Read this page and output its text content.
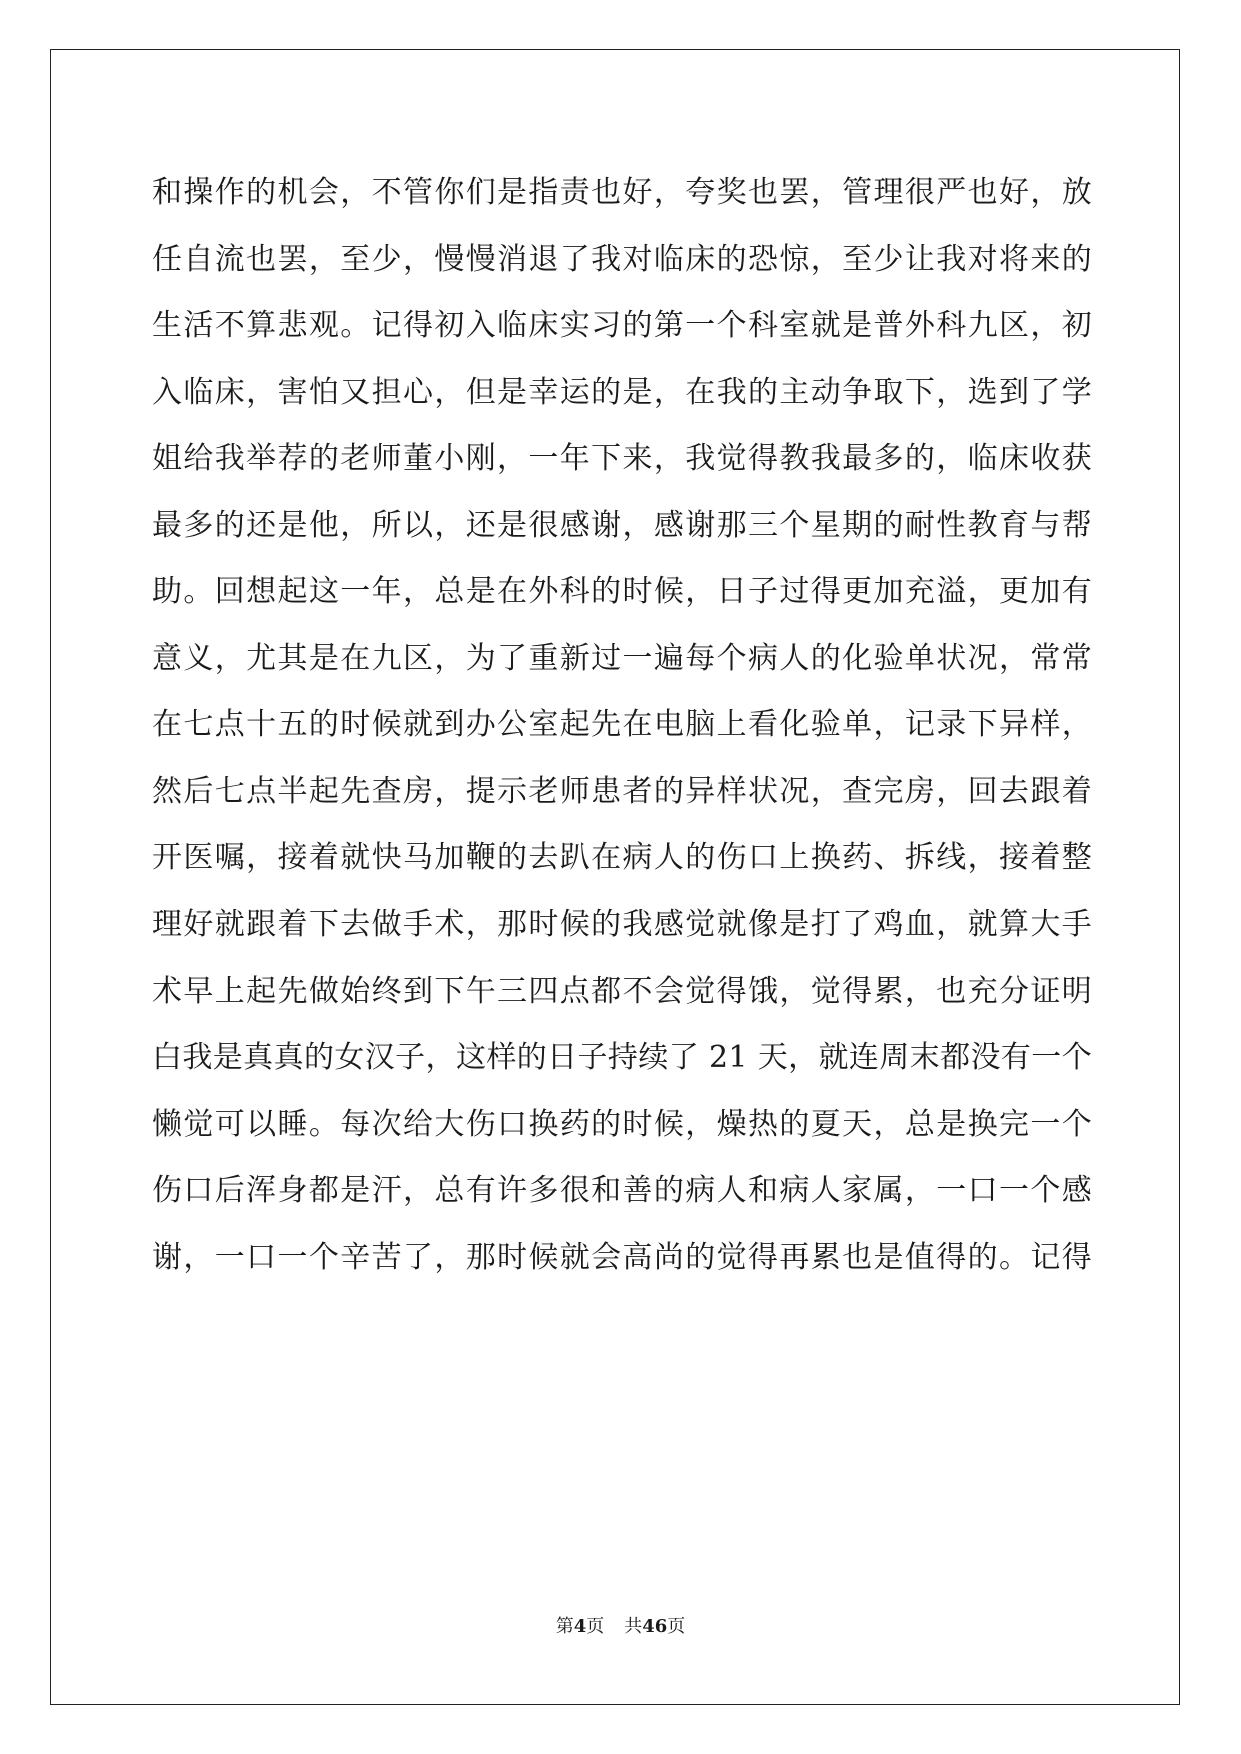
和操作的机会，不管你们是指责也好，夸奖也罢，管理很严也好，放
任自流也罢，至少，慢慢消退了我对临床的恐惊，至少让我对将来的
生活不算悲观。记得初入临床实习的第一个科室就是普外科九区，初
入临床，害怕又担心，但是幸运的是，在我的主动争取下，选到了学
姐给我举荐的老师董小刚，一年下来，我觉得教我最多的，临床收获
最多的还是他，所以，还是很感谢，感谢那三个星期的耐性教育与帮
助。回想起这一年，总是在外科的时候，日子过得更加充溢，更加有
意义，尤其是在九区，为了重新过一遍每个病人的化验单状况，常常
在七点十五的时候就到办公室起先在电脑上看化验单，记录下异样，
然后七点半起先查房，提示老师患者的异样状况，查完房，回去跟着
开医嘱，接着就快马加鞭的去趴在病人的伤口上换药、拆线，接着整
理好就跟着下去做手术，那时候的我感觉就像是打了鸡血，就算大手
术早上起先做始终到下午三四点都不会觉得饿，觉得累，也充分证明
白我是真真的女汉子，这样的日子持续了 21 天，就连周末都没有一个
懒觉可以睡。每次给大伤口换药的时候，燥热的夏天，总是换完一个
伤口后浑身都是汗，总有许多很和善的病人和病人家属，一口一个感
谢，一口一个辛苦了，那时候就会高尚的觉得再累也是值得的。记得
第4页 共46页
